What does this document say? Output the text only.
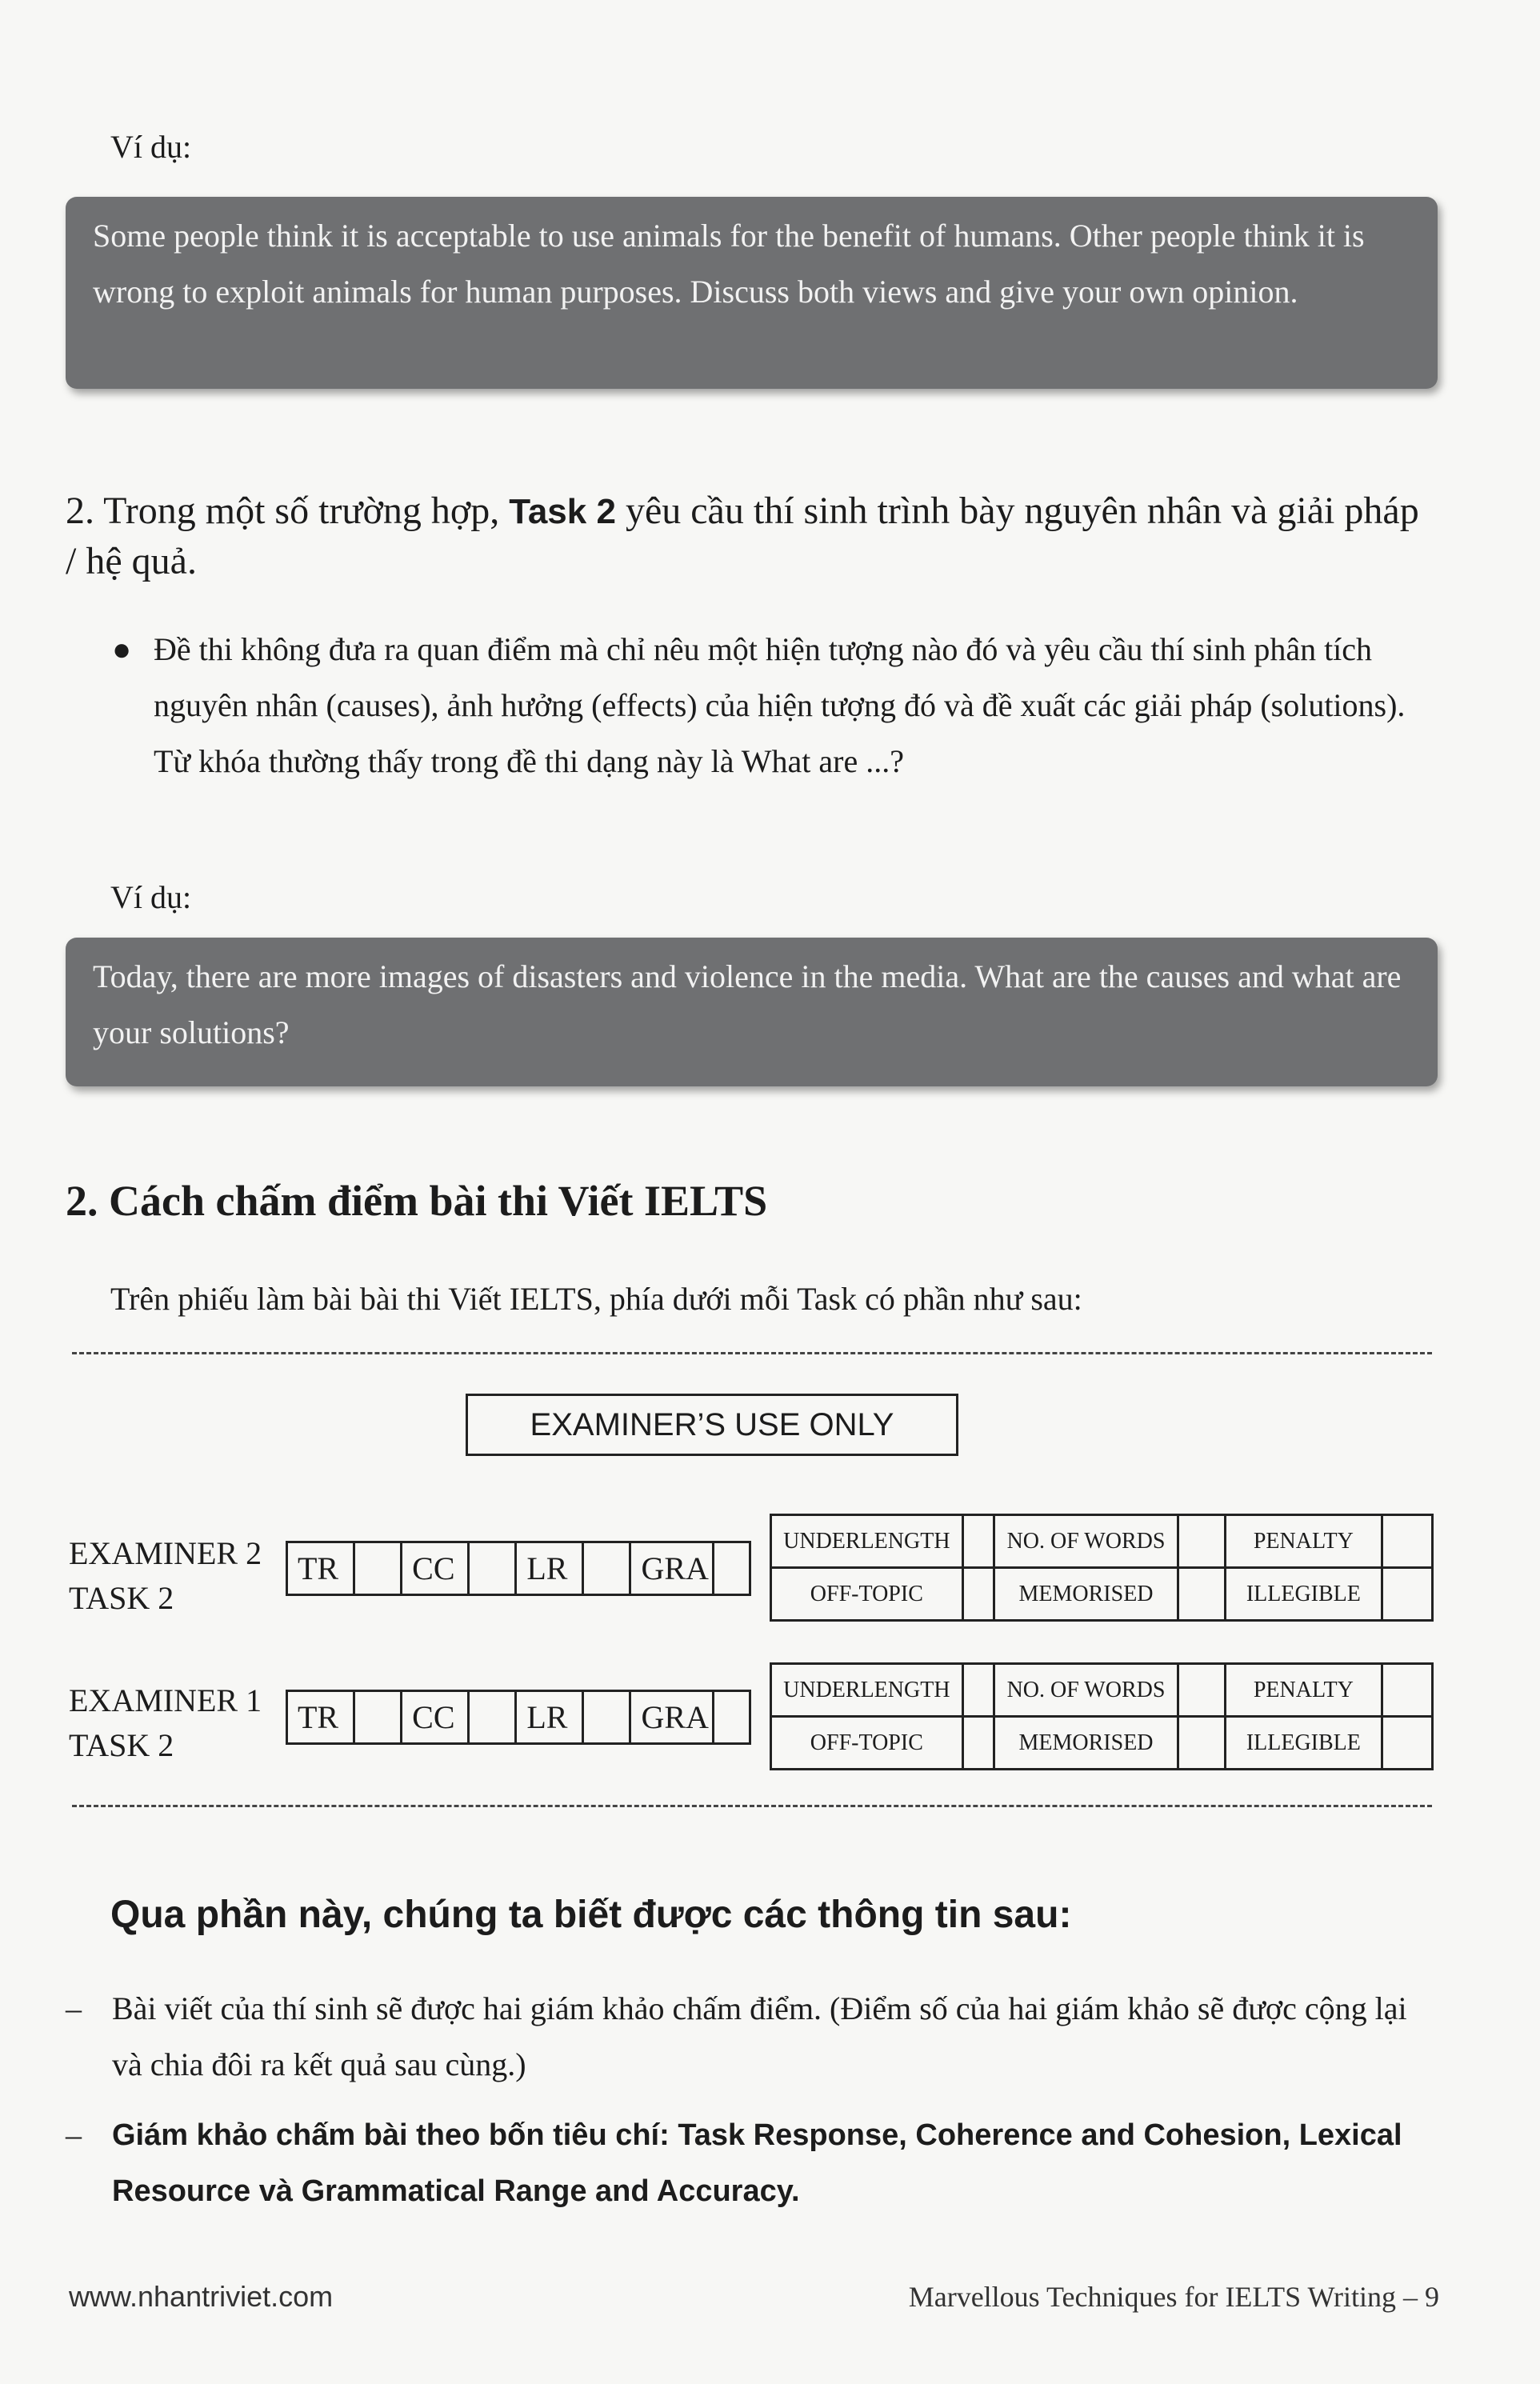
Ví dụ:
Some people think it is acceptable to use animals for the benefit of humans. Other people think it is wrong to exploit animals for human purposes. Discuss both views and give your own opinion.
2. Trong một số trường hợp, Task 2 yêu cầu thí sinh trình bày nguyên nhân và giải pháp / hệ quả.
● Đề thi không đưa ra quan điểm mà chỉ nêu một hiện tượng nào đó và yêu cầu thí sinh phân tích nguyên nhân (causes), ảnh hưởng (effects) của hiện tượng đó và đề xuất các giải pháp (solutions). Từ khóa thường thấy trong đề thi dạng này là What are ...?
Ví dụ:
Today, there are more images of disasters and violence in the media. What are the causes and what are your solutions?
2. Cách chấm điểm bài thi Viết IELTS
Trên phiếu làm bài bài thi Viết IELTS, phía dưới mỗi Task có phần như sau:
EXAMINER’S USE ONLY
EXAMINER 2
TASK 2
TR		CC		LR		GRA	
UNDERLENGTH		NO. OF WORDS		PENALTY	
OFF-TOPIC		MEMORISED		ILLEGIBLE	
EXAMINER 1
TASK 2
TR		CC		LR		GRA	
UNDERLENGTH		NO. OF WORDS		PENALTY	
OFF-TOPIC		MEMORISED		ILLEGIBLE	
Qua phần này, chúng ta biết được các thông tin sau:
– Bài viết của thí sinh sẽ được hai giám khảo chấm điểm. (Điểm số của hai giám khảo sẽ được cộng lại và chia đôi ra kết quả sau cùng.)
– Giám khảo chấm bài theo bốn tiêu chí: Task Response, Coherence and Cohesion, Lexical Resource và Grammatical Range and Accuracy.
www.nhantriviet.com	Marvellous Techniques for IELTS Writing – 9
